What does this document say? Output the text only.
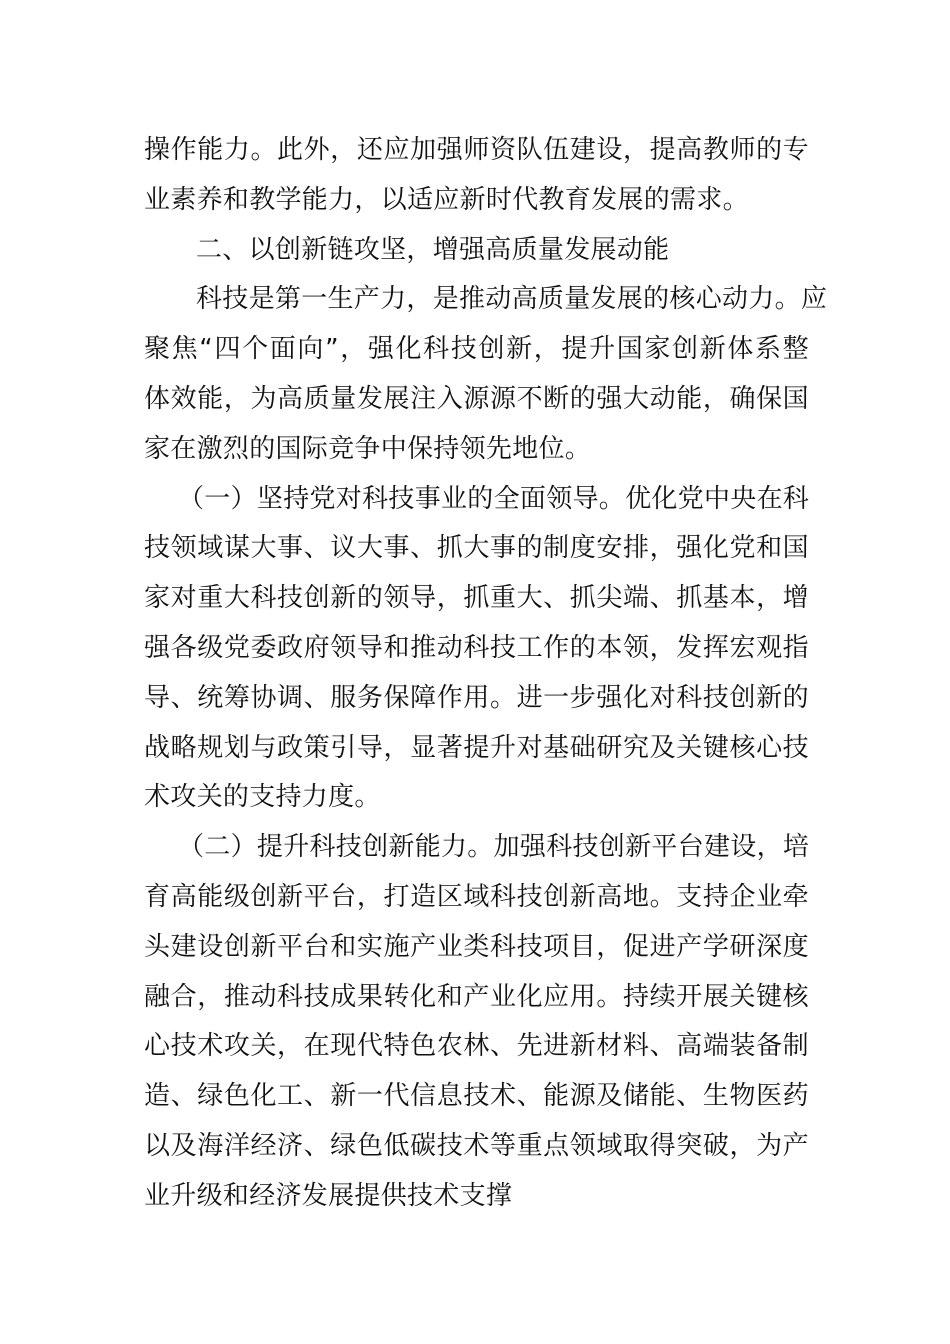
操作能力。此外，还应加强师资队伍建设，提高教师的专
业素养和教学能力，以适应新时代教育发展的需求。
二、以创新链攻坚，增强高质量发展动能
科技是第一生产力，是推动高质量发展的核心动力。应
聚焦“四个面向”，强化科技创新，提升国家创新体系整
体效能，为高质量发展注入源源不断的强大动能，确保国
家在激烈的国际竞争中保持领先地位。
（一）坚持党对科技事业的全面领导。优化党中央在科
技领域谋大事、议大事、抓大事的制度安排，强化党和国
家对重大科技创新的领导，抓重大、抓尖端、抓基本，增
强各级党委政府领导和推动科技工作的本领，发挥宏观指
导、统筹协调、服务保障作用。进一步强化对科技创新的
战略规划与政策引导，显著提升对基础研究及关键核心技
术攻关的支持力度。
（二）提升科技创新能力。加强科技创新平台建设，培
育高能级创新平台，打造区域科技创新高地。支持企业牵
头建设创新平台和实施产业类科技项目，促进产学研深度
融合，推动科技成果转化和产业化应用。持续开展关键核
心技术攻关，在现代特色农林、先进新材料、高端装备制
造、绿色化工、新一代信息技术、能源及储能、生物医药
以及海洋经济、绿色低碳技术等重点领域取得突破，为产
业升级和经济发展提供技术支撑
